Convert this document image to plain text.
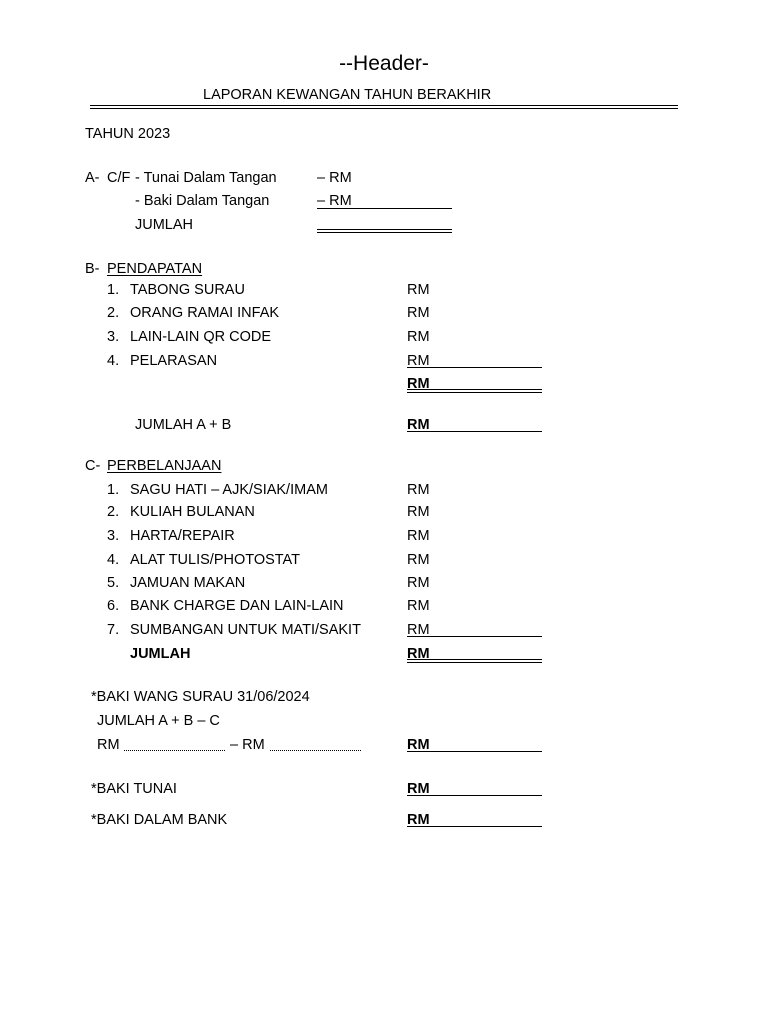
--Header-
LAPORAN KEWANGAN TAHUN BERAKHIR
TAHUN 2023
A- C/F - Tunai Dalam Tangan	– RM
- Baki Dalam Tangan	– RM
JUMLAH
B- PENDAPATAN
1. TABONG SURAU	RM
2. ORANG RAMAI INFAK	RM
3. LAIN-LAIN QR CODE	RM
4. PELARASAN	RM
RM
JUMLAH A + B	RM
C- PERBELANJAAN
1. SAGU HATI – AJK/SIAK/IMAM	RM
2. KULIAH BULANAN	RM
3. HARTA/REPAIR	RM
4. ALAT TULIS/PHOTOSTAT	RM
5. JAMUAN MAKAN	RM
6. BANK CHARGE DAN LAIN-LAIN	RM
7. SUMBANGAN UNTUK MATI/SAKIT	RM
JUMLAH	RM
*BAKI WANG SURAU 31/06/2024
JUMLAH A + B – C
RM	– RM	RM
*BAKI TUNAI	RM
*BAKI DALAM BANK	RM
